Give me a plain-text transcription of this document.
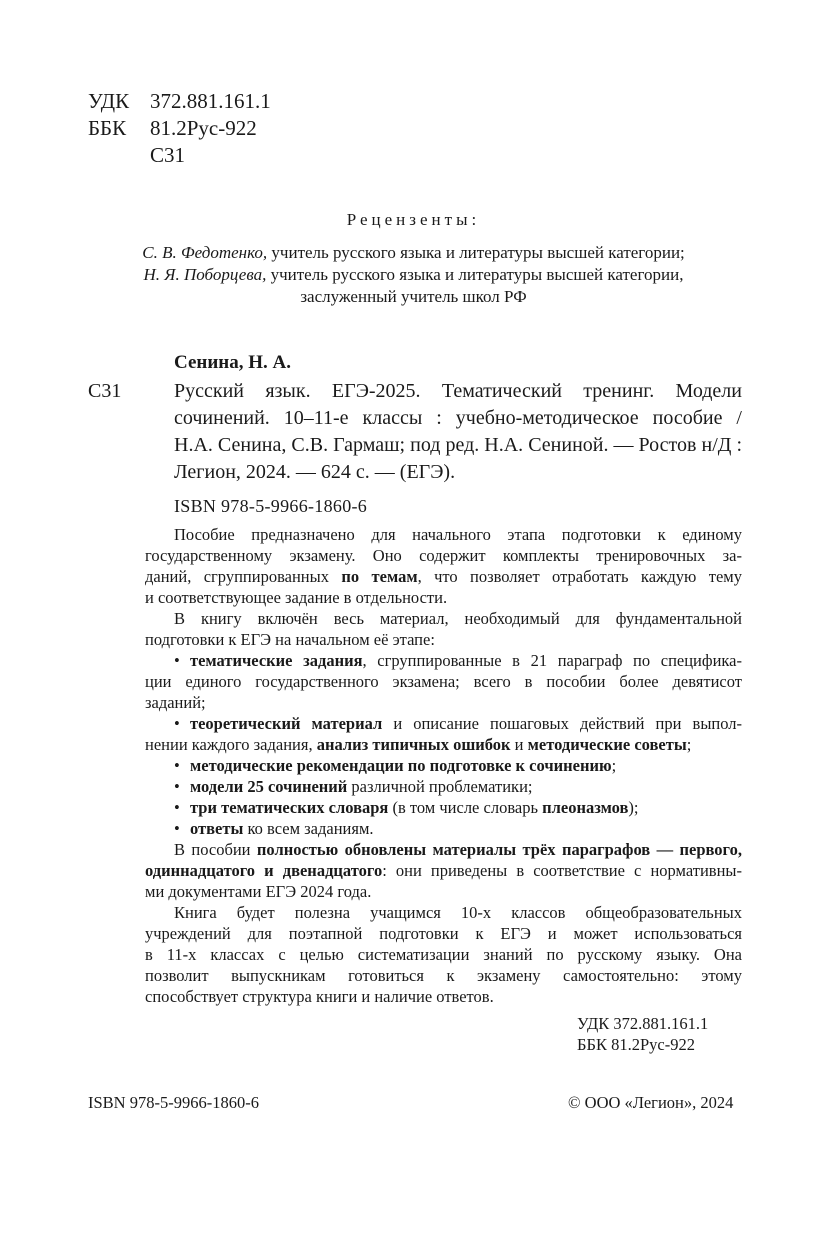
УДК 372.881.161.1
ББК 81.2Рус-922
С31
Рецензенты:
С. В. Федотенко, учитель русского языка и литературы высшей категории;
Н. Я. Поборцева, учитель русского языка и литературы высшей категории,
заслуженный учитель школ РФ
Сенина, Н. А.
С31	Русский язык. ЕГЭ-2025. Тематический тренинг. Модели
сочинений. 10–11-е классы : учебно-методическое пособие /
Н.А. Сенина, С.В. Гармаш; под ред. Н.А. Сениной. — Ростов н/Д :
Легион, 2024. — 624 с. — (ЕГЭ).
ISBN 978-5-9966-1860-6
Пособие предназначено для начального этапа подготовки к единому
государственному экзамену. Оно содержит комплекты тренировочных за-
даний, сгруппированных по темам, что позволяет отработать каждую тему
и соответствующее задание в отдельности.
В книгу включён весь материал, необходимый для фундаментальной
подготовки к ЕГЭ на начальном её этапе:
• тематические задания, сгруппированные в 21 параграф по специфика-
ции единого государственного экзамена; всего в пособии более девятисот
заданий;
• теоретический материал и описание пошаговых действий при выпол-
нении каждого задания, анализ типичных ошибок и методические советы;
• методические рекомендации по подготовке к сочинению;
• модели 25 сочинений различной проблематики;
• три тематических словаря (в том числе словарь плеоназмов);
• ответы ко всем заданиям.
В пособии полностью обновлены материалы трёх параграфов — первого,
одиннадцатого и двенадцатого: они приведены в соответствие с нормативны-
ми документами ЕГЭ 2024 года.
Книга будет полезна учащимся 10-х классов общеобразовательных
учреждений для поэтапной подготовки к ЕГЭ и может использоваться
в 11-х классах с целью систематизации знаний по русскому языку. Она
позволит выпускникам готовиться к экзамену самостоятельно: этому
способствует структура книги и наличие ответов.
УДК 372.881.161.1
ББК 81.2Рус-922
ISBN 978-5-9966-1860-6	© ООО «Легион», 2024
